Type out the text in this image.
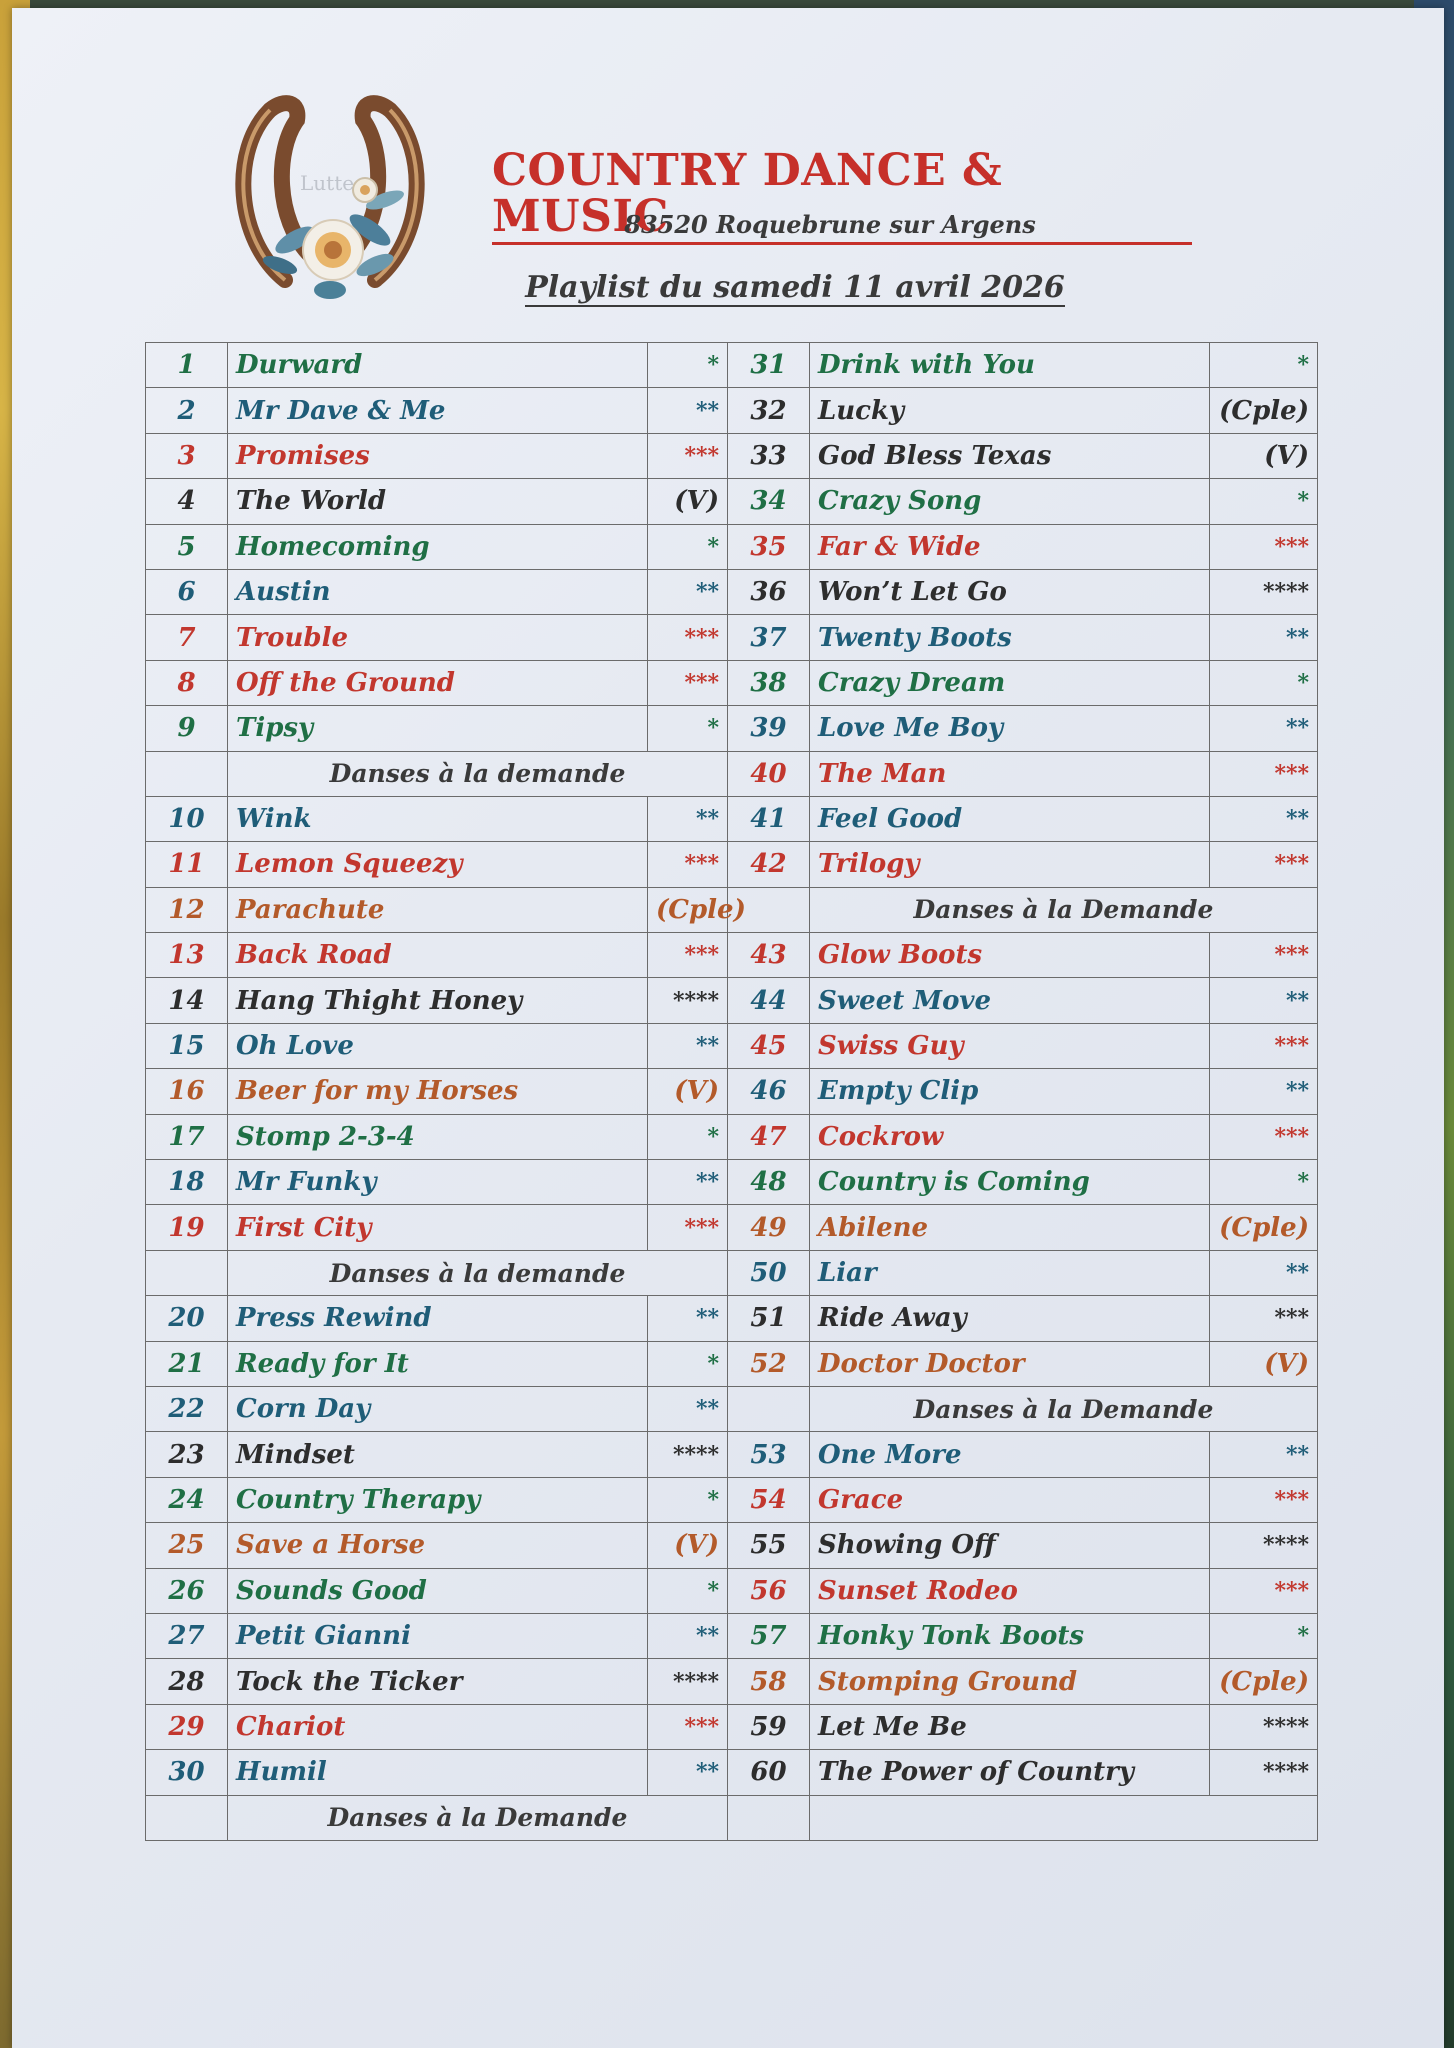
Lutte	COUNTRY DANCE & MUSIC
83520 Roquebrune sur Argens
Playlist du samedi 11 avril 2026
1	Durward	*	31	Drink with You	*
2	Mr Dave & Me	**	32	Lucky	(Cple)
3	Promises	***	33	God Bless Texas	(V)
4	The World	(V)	34	Crazy Song	*
5	Homecoming	*	35	Far & Wide	***
6	Austin	**	36	Won’t Let Go	****
7	Trouble	***	37	Twenty Boots	**
8	Off the Ground	***	38	Crazy Dream	*
9	Tipsy	*	39	Love Me Boy	**
	Danses à la demande		40	The Man	***
10	Wink	**	41	Feel Good	**
11	Lemon Squeezy	***	42	Trilogy	***
12	Parachute	(Cple)		Danses à la Demande	
13	Back Road	***	43	Glow Boots	***
14	Hang Thight Honey	****	44	Sweet Move	**
15	Oh Love	**	45	Swiss Guy	***
16	Beer for my Horses	(V)	46	Empty Clip	**
17	Stomp 2-3-4	*	47	Cockrow	***
18	Mr Funky	**	48	Country is Coming	*
19	First City	***	49	Abilene	(Cple)
	Danses à la demande		50	Liar	**
20	Press Rewind	**	51	Ride Away	***
21	Ready for It	*	52	Doctor Doctor	(V)
22	Corn Day	**		Danses à la Demande	
23	Mindset	****	53	One More	**
24	Country Therapy	*	54	Grace	***
25	Save a Horse	(V)	55	Showing Off	****
26	Sounds Good	*	56	Sunset Rodeo	***
27	Petit Gianni	**	57	Honky Tonk Boots	*
28	Tock the Ticker	****	58	Stomping Ground	(Cple)
29	Chariot	***	59	Let Me Be	****
30	Humil	**	60	The Power of Country	****
	Danses à la Demande				
